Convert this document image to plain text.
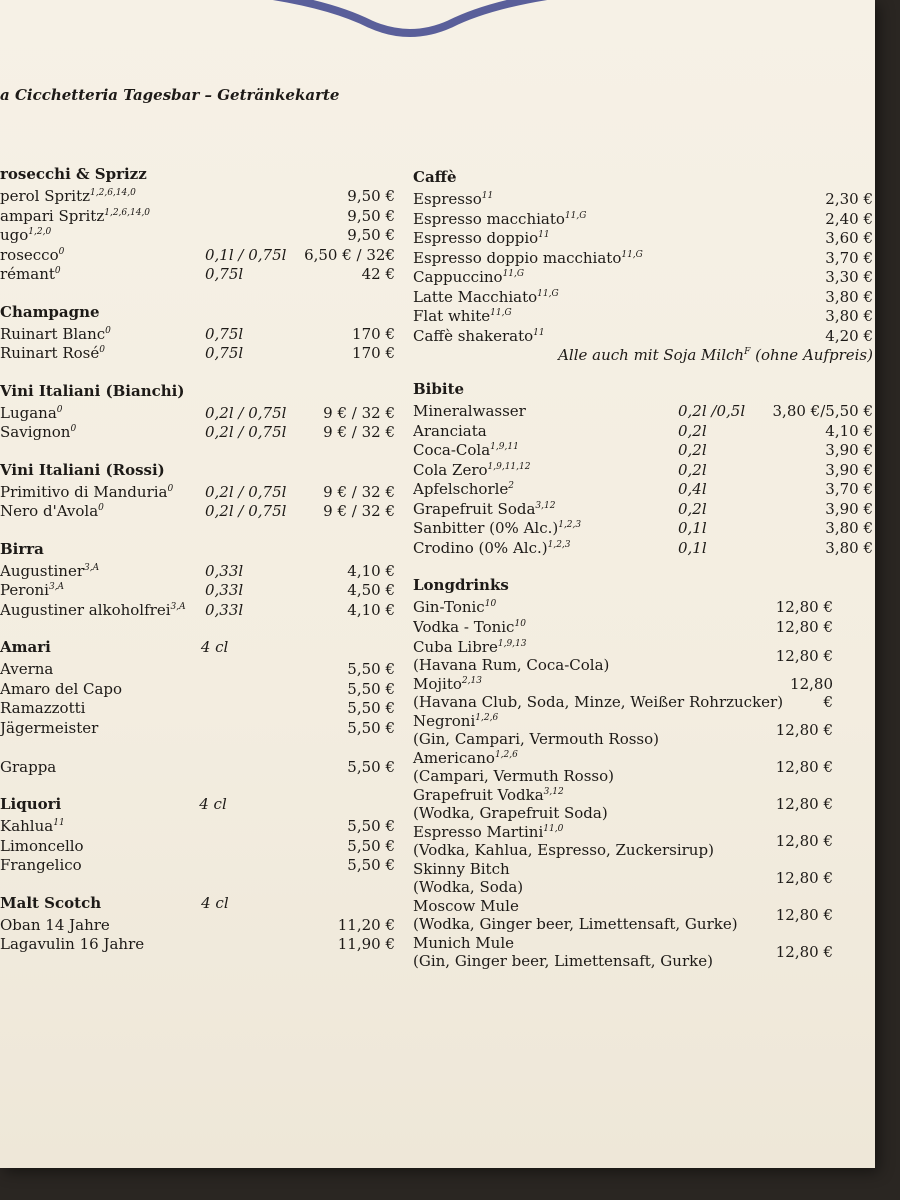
a Cicchetteria Tagesbar – Getränkekarte
rosecchi & Sprizz
perol Spritz$^{1,2,6,14,0}$	9,50 €
ampari Spritz$^{1,2,6,14,0}$	9,50 €
ugo$^{1,2,0}$	9,50 €
rosecco$^0$	0,1l / 0,75l	6,50 € / 32€
rémant$^0$	0,75l	42 €
Champagne
Ruinart Blanc$^0$	0,75l	170 €
Ruinart Rosé$^0$	0,75l	170 €
Vini Italiani (Bianchi)
Lugana$^0$	0,2l / 0,75l	9 € / 32 €
Savignon$^0$	0,2l / 0,75l	9 € / 32 €
Vini Italiani (Rossi)
Primitivo di Manduria$^0$	0,2l / 0,75l	9 € / 32 €
Nero d'Avola$^0$	0,2l / 0,75l	9 € / 32 €
Birra
Augustiner$^{3,A}$	0,33l	4,10 €
Peroni$^{3,A}$	0,33l	4,50 €
Augustiner alkoholfrei$^{3,A}$	0,33l	4,10 €
Amari	4 cl
Averna	5,50 €
Amaro del Capo	5,50 €
Ramazzotti	5,50 €
Jägermeister	5,50 €
Grappa	5,50 €
Liquori	4 cl
Kahlua$^{11}$	5,50 €
Limoncello	5,50 €
Frangelico	5,50 €
Malt Scotch	4 cl
Oban 14 Jahre	11,20 €
Lagavulin 16 Jahre	11,90 €
Caffè
Espresso$^{11}$	2,30 €
Espresso macchiato$^{11,G}$	2,40 €
Espresso doppio$^{11}$	3,60 €
Espresso doppio macchiato$^{11,G}$	3,70 €
Cappuccino$^{11,G}$	3,30 €
Latte Macchiato$^{11,G}$	3,80 €
Flat white$^{11,G}$	3,80 €
Caffè shakerato$^{11}$	4,20 €
Alle auch mit Soja Milch$^F$ (ohne Aufpreis)
Bibite
Mineralwasser	0,2l /0,5l	3,80 €/5,50 €
Aranciata	0,2l	4,10 €
Coca-Cola$^{1,9,11}$	0,2l	3,90 €
Cola Zero$^{1,9,11,12}$	0,2l	3,90 €
Apfelschorle$^2$	0,4l	3,70 €
Grapefruit Soda$^{3,12}$	0,2l	3,90 €
Sanbitter (0% Alc.)$^{1,2,3}$	0,1l	3,80 €
Crodino (0% Alc.)$^{1,2,3}$	0,1l	3,80 €
Longdrinks
Gin-Tonic$^{10}$	12,80 €
Vodka - Tonic$^{10}$	12,80 €
Cuba Libre$^{1,9,13}$
(Havana Rum, Coca-Cola)	12,80 €
Mojito$^{2,13}$
(Havana Club, Soda, Minze, Weißer Rohrzucker)
12,80 €
Negroni$^{1,2,6}$
(Gin, Campari, Vermouth Rosso)	12,80 €
Americano$^{1,2,6}$
(Campari, Vermuth Rosso)	12,80 €
Grapefruit Vodka$^{3,12}$
(Wodka, Grapefruit Soda)	12,80 €
Espresso Martini$^{11,0}$
(Vodka, Kahlua, Espresso, Zuckersirup)	12,80 €
Skinny Bitch
(Wodka, Soda)	12,80 €
Moscow Mule
(Wodka, Ginger beer, Limettensaft, Gurke)	12,80 €
Munich Mule
(Gin, Ginger beer, Limettensaft, Gurke)	12,80 €
